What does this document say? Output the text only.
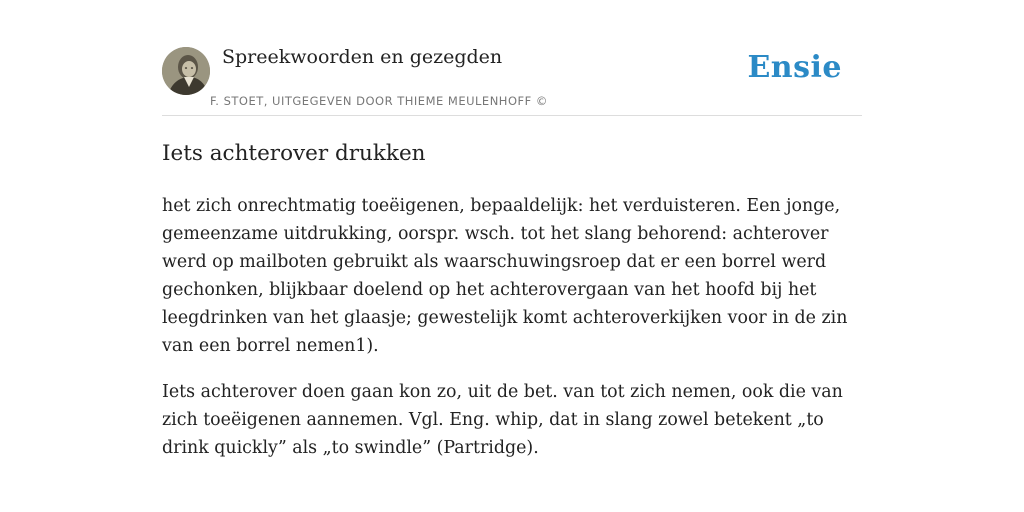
Spreekwoorden en gezegden
F. STOET, UITGEGEVEN DOOR THIEME MEULENHOFF ©
Ensie
Iets achterover drukken

het zich onrechtmatig toeëigenen, bepaaldelijk: het verduisteren. Een jonge, gemeenzame uitdrukking, oorspr. wsch. tot het slang behorend: achterover werd op mailboten gebruikt als waarschuwingsroep dat er een borrel werd gechonken, blijkbaar doelend op het achterovergaan van het hoofd bij het leegdrinken van het glaasje; gewestelijk komt achteroverkijken voor in de zin van een borrel nemen1).

Iets achterover doen gaan kon zo, uit de bet. van tot zich nemen, ook die van zich toeëigenen aannemen. Vgl. Eng. whip, dat in slang zowel betekent „to drink quickly” als „to swindle” (Partridge).
